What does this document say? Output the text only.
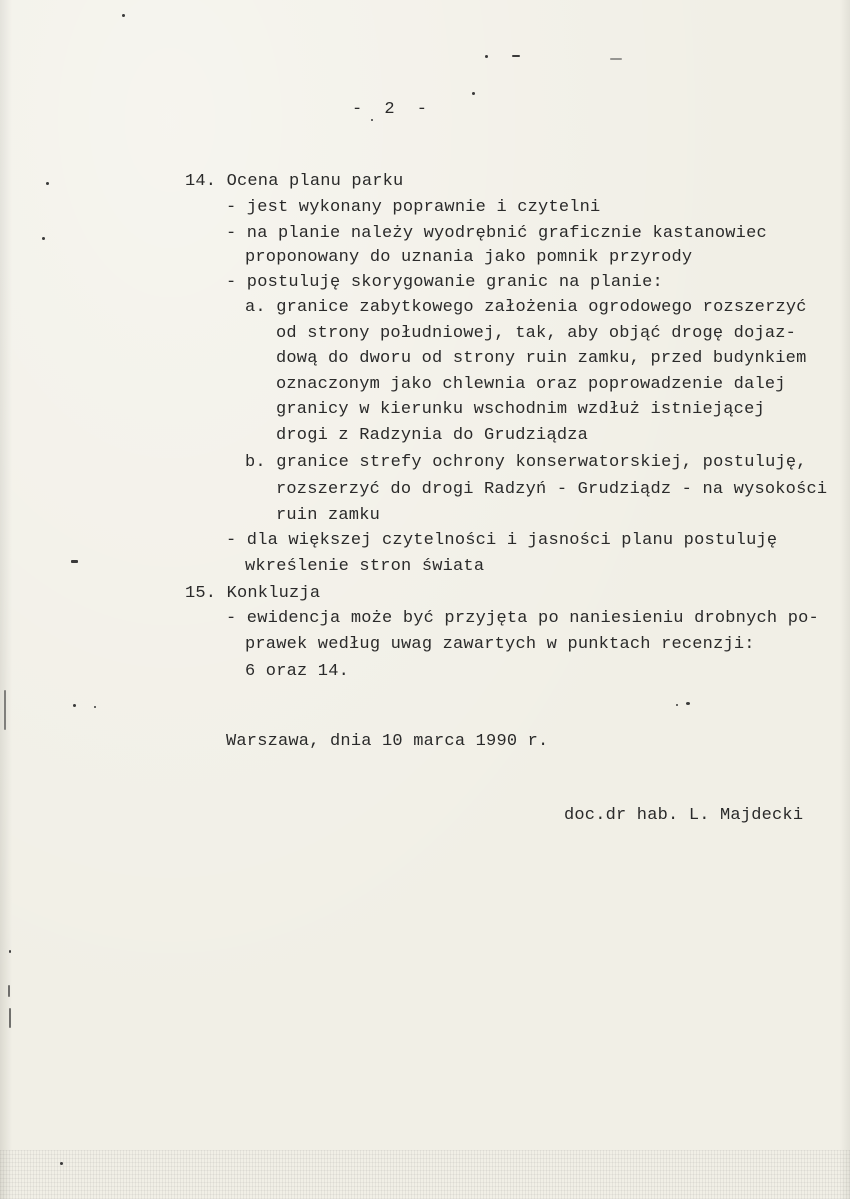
- 2 -
14. Ocena planu parku
- jest wykonany poprawnie i czytelni
- na planie należy wyodrębnić graficznie kastanowiec
proponowany do uznania jako pomnik przyrody
- postuluję skorygowanie granic na planie:
a. granice zabytkowego założenia ogrodowego rozszerzyć
od strony południowej, tak, aby objąć drogę dojaz-
dową do dworu od strony ruin zamku, przed budynkiem
oznaczonym jako chlewnia oraz poprowadzenie dalej
granicy w kierunku wschodnim wzdłuż istniejącej
drogi z Radzynia do Grudziądza
b. granice strefy ochrony konserwatorskiej, postuluję,
rozszerzyć do drogi Radzyń - Grudziądz - na wysokości
ruin zamku
- dla większej czytelności i jasności planu postuluję
wkreślenie stron świata
15. Konkluzja
- ewidencja może być przyjęta po naniesieniu drobnych po-
prawek według uwag zawartych w punktach recenzji:
6 oraz 14.
Warszawa, dnia 10 marca 1990 r.
doc.dr hab. L. Majdecki
